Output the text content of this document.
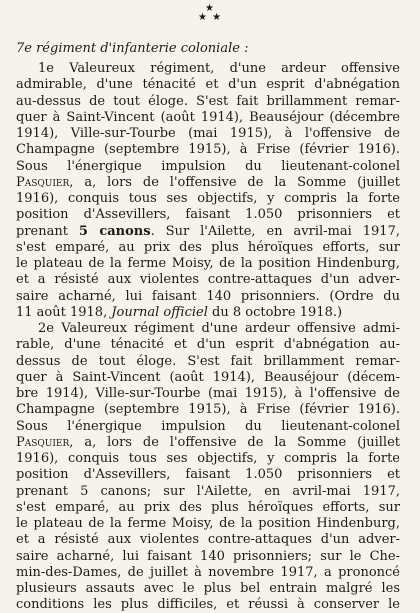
★
★ ★
7e régiment d'infanterie coloniale :
1e Valeureux régiment, d'une ardeur offensive
admirable, d'une ténacité et d'un esprit d'abnégation
au-dessus de tout éloge. S'est fait brillamment remar-
quer à Saint-Vincent (août 1914), Beauséjour (décembre
1914), Ville-sur-Tourbe (mai 1915), à l'offensive de
Champagne (septembre 1915), à Frise (février 1916).
Sous l'énergique impulsion du lieutenant-colonel
Pasquier, a, lors de l'offensive de la Somme (juillet
1916), conquis tous ses objectifs, y compris la forte
position d'Assevillers, faisant 1.050 prisonniers et
prenant 5 canons. Sur l'Ailette, en avril-mai 1917,
s'est emparé, au prix des plus héroïques efforts, sur
le plateau de la ferme Moisy, de la position Hindenburg,
et a résisté aux violentes contre-attaques d'un adver-
saire acharné, lui faisant 140 prisonniers. (Ordre du
11 août 1918, Journal officiel du 8 octobre 1918.)
2e Valeureux régiment d'une ardeur offensive admi-
rable, d'une ténacité et d'un esprit d'abnégation au-
dessus de tout éloge. S'est fait brillamment remar-
quer à Saint-Vincent (août 1914), Beauséjour (décem-
bre 1914), Ville-sur-Tourbe (mai 1915), à l'offensive de
Champagne (septembre 1915), à Frise (février 1916).
Sous l'énergique impulsion du lieutenant-colonel
Pasquier, a, lors de l'offensive de la Somme (juillet
1916), conquis tous ses objectifs, y compris la forte
position d'Assevillers, faisant 1.050 prisonniers et
prenant 5 canons; sur l'Ailette, en avril-mai 1917,
s'est emparé, au prix des plus héroïques efforts, sur
le plateau de la ferme Moisy, de la position Hindenburg,
et a résisté aux violentes contre-attaques d'un adver-
saire acharné, lui faisant 140 prisonniers; sur le Che-
min-des-Dames, de juillet à novembre 1917, a prononcé
plusieurs assauts avec le plus bel entrain malgré les
conditions les plus difficiles, et réussi à conserver le
